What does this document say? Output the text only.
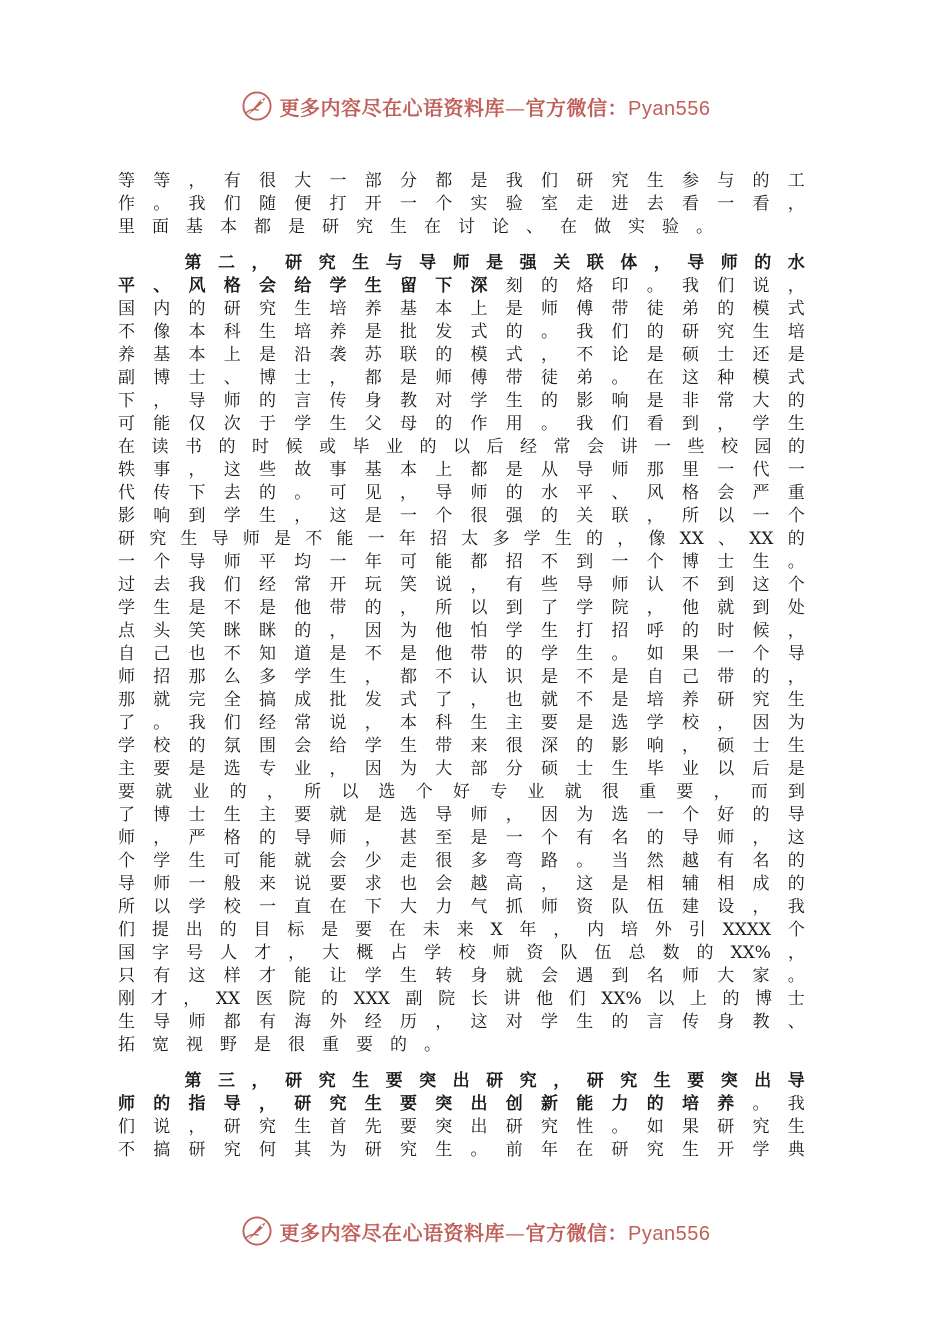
更多内容尽在心语资料库—官方微信：Pyan556
等 等 ， 有 很 大 一 部 分 都 是 我 们 研 究 生 参 与 的 工
作 。 我 们 随 便 打 开 一 个 实 验 室 走 进 去 看 一 看 ，
里 面 基 本 都 是 研 究 生 在 讨 论 、 在 做 实 验 。
第 二 ， 研 究 生 与 导 师 是 强 关 联 体 ， 导 师 的 水
平 、 风 格 会 给 学 生 留 下 深 刻 的 烙 印 。 我 们 说 ，
国 内 的 研 究 生 培 养 基 本 上 是 师 傅 带 徒 弟 的 模 式
不 像 本 科 生 培 养 是 批 发 式 的 。 我 们 的 研 究 生 培
养 基 本 上 是 沿 袭 苏 联 的 模 式 ， 不 论 是 硕 士 还 是
副 博 士 、 博 士 ， 都 是 师 傅 带 徒 弟 。 在 这 种 模 式
下 ， 导 师 的 言 传 身 教 对 学 生 的 影 响 是 非 常 大 的
可 能 仅 次 于 学 生 父 母 的 作 用 。 我 们 看 到 ， 学 生
在 读 书 的 时 候 或 毕 业 的 以 后 经 常 会 讲 一 些 校 园 的
轶 事 ， 这 些 故 事 基 本 上 都 是 从 导 师 那 里 一 代 一
代 传 下 去 的 。 可 见 ， 导 师 的 水 平 、 风 格 会 严 重
影 响 到 学 生 ， 这 是 一 个 很 强 的 关 联 ， 所 以 一 个
研 究 生 导 师 是 不 能 一 年 招 太 多 学 生 的 ， 像 XX 、 XX 的
一 个 导 师 平 均 一 年 可 能 都 招 不 到 一 个 博 士 生 。
过 去 我 们 经 常 开 玩 笑 说 ， 有 些 导 师 认 不 到 这 个
学 生 是 不 是 他 带 的 ， 所 以 到 了 学 院 ， 他 就 到 处
点 头 笑 眯 眯 的 ， 因 为 他 怕 学 生 打 招 呼 的 时 候 ，
自 己 也 不 知 道 是 不 是 他 带 的 学 生 。 如 果 一 个 导
师 招 那 么 多 学 生 ， 都 不 认 识 是 不 是 自 己 带 的 ，
那 就 完 全 搞 成 批 发 式 了 ， 也 就 不 是 培 养 研 究 生
了 。 我 们 经 常 说 ， 本 科 生 主 要 是 选 学 校 ， 因 为
学 校 的 氛 围 会 给 学 生 带 来 很 深 的 影 响 ， 硕 士 生
主 要 是 选 专 业 ， 因 为 大 部 分 硕 士 生 毕 业 以 后 是
要 就 业 的 ， 所 以 选 个 好 专 业 就 很 重 要 ， 而 到
了 博 士 生 主 要 就 是 选 导 师 ， 因 为 选 一 个 好 的 导
师 ， 严 格 的 导 师 ， 甚 至 是 一 个 有 名 的 导 师 ， 这
个 学 生 可 能 就 会 少 走 很 多 弯 路 。 当 然 越 有 名 的
导 师 一 般 来 说 要 求 也 会 越 高 ， 这 是 相 辅 相 成 的
所 以 学 校 一 直 在 下 大 力 气 抓 师 资 队 伍 建 设 ， 我
们 提 出 的 目 标 是 要 在 未 来 X 年 ， 内 培 外 引 XXXX 个
国 字 号 人 才 ， 大 概 占 学 校 师 资 队 伍 总 数 的 XX% ，
只 有 这 样 才 能 让 学 生 转 身 就 会 遇 到 名 师 大 家 。
刚 才 ， XX 医 院 的 XXX 副 院 长 讲 他 们 XX% 以 上 的 博 士
生 导 师 都 有 海 外 经 历 ， 这 对 学 生 的 言 传 身 教 、
拓 宽 视 野 是 很 重 要 的 。
第 三 ， 研 究 生 要 突 出 研 究 ， 研 究 生 要 突 出 导
师 的 指 导 ， 研 究 生 要 突 出 创 新 能 力 的 培 养 。 我
们 说 ， 研 究 生 首 先 要 突 出 研 究 性 。 如 果 研 究 生
不 搞 研 究 何 其 为 研 究 生 。 前 年 在 研 究 生 开 学 典
更多内容尽在心语资料库—官方微信：Pyan556
